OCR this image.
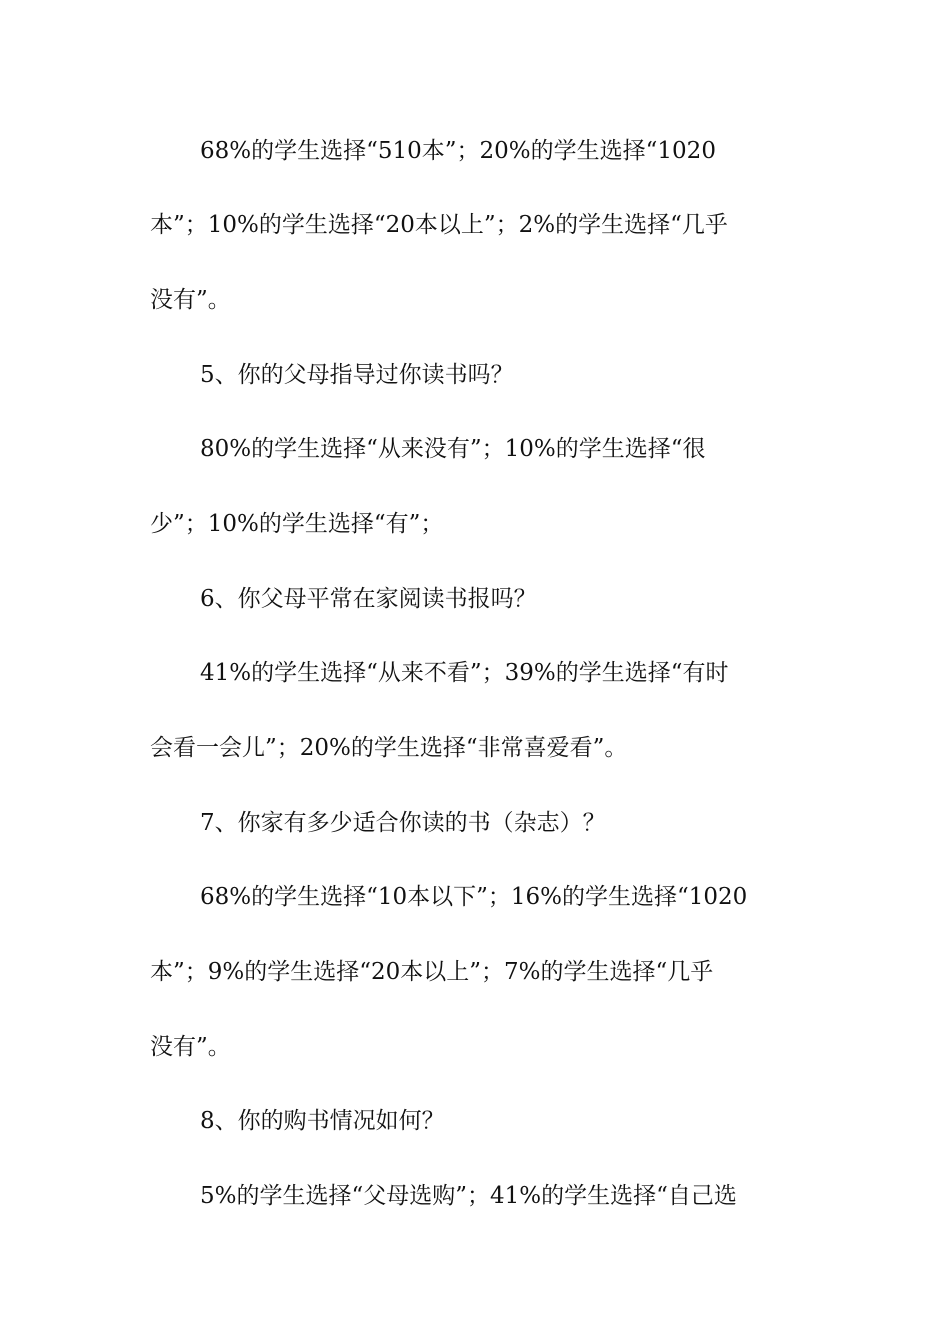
68%的学生选择“510本”；20%的学生选择“1020
本”；10%的学生选择“20本以上”；2%的学生选择“几乎
没有”。
5、你的父母指导过你读书吗？
80%的学生选择“从来没有”；10%的学生选择“很
少”；10%的学生选择“有”；
6、你父母平常在家阅读书报吗？
41%的学生选择“从来不看”；39%的学生选择“有时
会看一会儿”；20%的学生选择“非常喜爱看”。
7、你家有多少适合你读的书（杂志）？
68%的学生选择“10本以下”；16%的学生选择“1020
本”；9%的学生选择“20本以上”；7%的学生选择“几乎
没有”。
8、你的购书情况如何？
5%的学生选择“父母选购”；41%的学生选择“自己选
